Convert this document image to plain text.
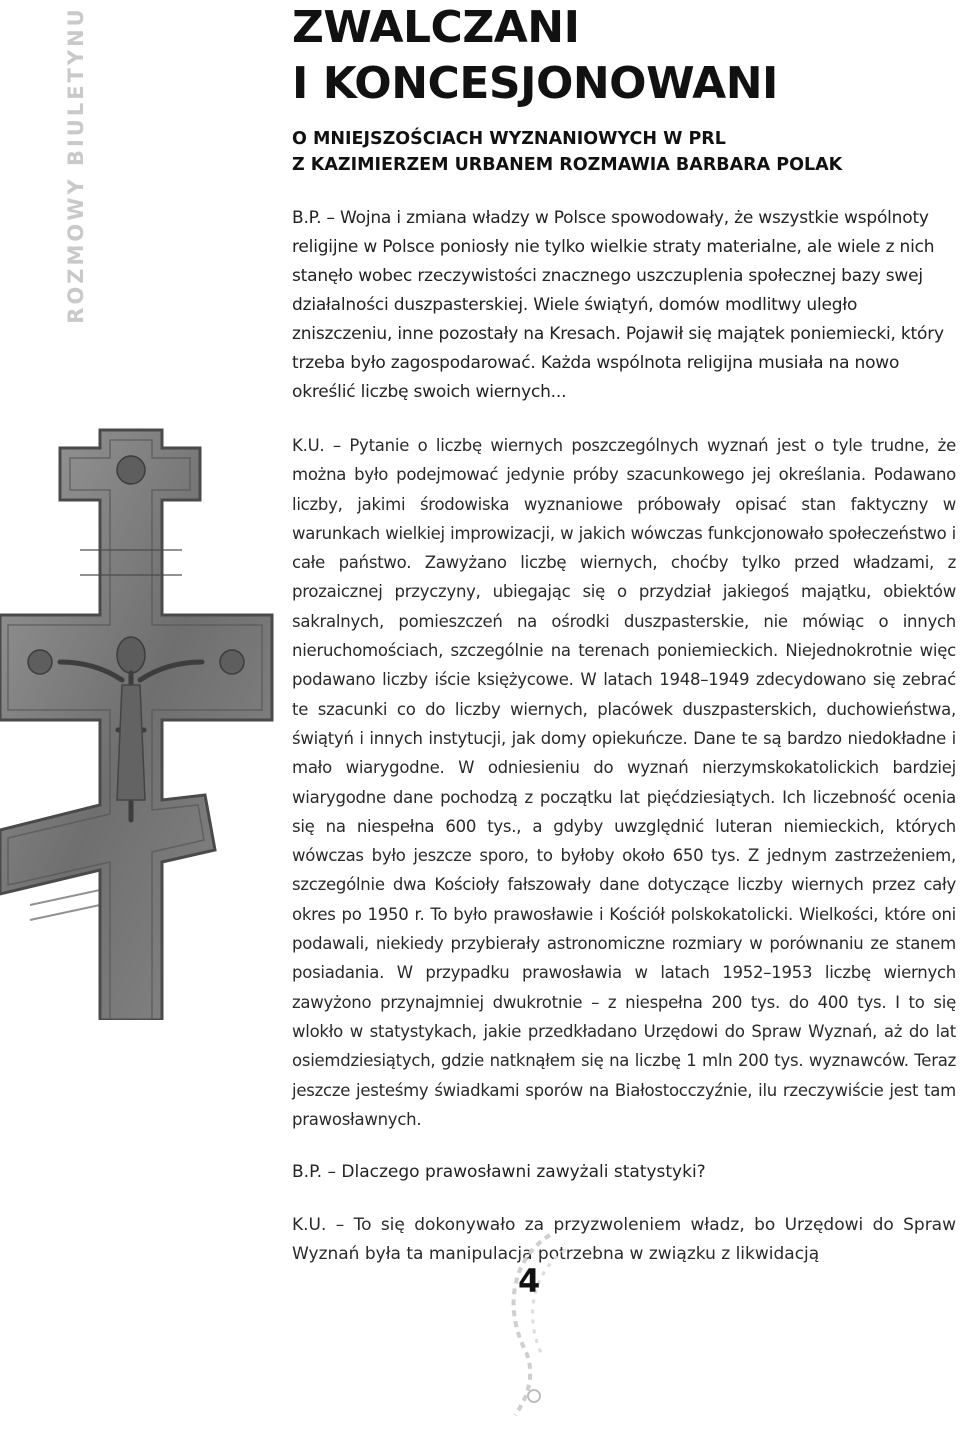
ROZMOWY BIULETYNU	ZWALCZANI
I KONCESJONOWANI
O MNIEJSZOŚCIACH WYZNANIOWYCH W PRL
Z KAZIMIERZEM URBANEM ROZMAWIA BARBARA POLAK

B.P. – Wojna i zmiana władzy w Polsce spowodowały, że wszystkie wspólnoty religijne w Polsce poniosły nie tylko wielkie straty materialne, ale wiele z nich stanęło wobec rzeczywistości znacznego uszczuplenia społecznej bazy swej działalności duszpasterskiej. Wiele świątyń, domów modlitwy uległo zniszczeniu, inne pozostały na Kresach. Pojawił się majątek poniemiecki, który trzeba było zagospodarować. Każda wspólnota religijna musiała na nowo określić liczbę swoich wiernych...

K.U. – Pytanie o liczbę wiernych poszczególnych wyznań jest o tyle trudne, że można było podejmować jedynie próby szacunkowego jej określania. Podawano liczby, jakimi środowiska wyznaniowe próbowały opisać stan faktyczny w warunkach wielkiej improwizacji, w jakich wówczas funkcjonowało społeczeństwo i całe państwo. Zawyżano liczbę wiernych, choćby tylko przed władzami, z prozaicznej przyczyny, ubiegając się o przydział jakiegoś majątku, obiektów sakralnych, pomieszczeń na ośrodki duszpasterskie, nie mówiąc o innych nieruchomościach, szczególnie na terenach poniemieckich. Niejednokrotnie więc podawano liczby iście księżycowe. W latach 1948–1949 zdecydowano się zebrać te szacunki co do liczby wiernych, placówek duszpasterskich, duchowieństwa, świątyń i innych instytucji, jak domy opiekuńcze. Dane te są bardzo niedokładne i mało wiarygodne. W odniesieniu do wyznań nierzymskokatolickich bardziej wiarygodne dane pochodzą z początku lat pięćdziesiątych. Ich liczebność ocenia się na niespełna 600 tys., a gdyby uwzględnić luteran niemieckich, których wówczas było jeszcze sporo, to byłoby około 650 tys. Z jednym zastrzeżeniem, szczególnie dwa Kościoły fałszowały dane dotyczące liczby wiernych przez cały okres po 1950 r. To było prawosławie i Kościół polskokatolicki. Wielkości, które oni podawali, niekiedy przybierały astronomiczne rozmiary w porównaniu ze stanem posiadania. W przypadku prawosławia w latach 1952–1953 liczbę wiernych zawyżono przynajmniej dwukrotnie – z niespełna 200 tys. do 400 tys. I to się wlokło w statystykach, jakie przedkładano Urzędowi do Spraw Wyznań, aż do lat osiemdziesiątych, gdzie natknąłem się na liczbę 1 mln 200 tys. wyznawców. Teraz jeszcze jesteśmy świadkami sporów na Białostocczyźnie, ilu rzeczywiście jest tam prawosławnych.

B.P. – Dlaczego prawosławni zawyżali statystyki?

K.U. – To się dokonywało za przyzwoleniem władz, bo Urzędowi do Spraw Wyznań była ta manipulacja potrzebna w związku z likwidacją

4
